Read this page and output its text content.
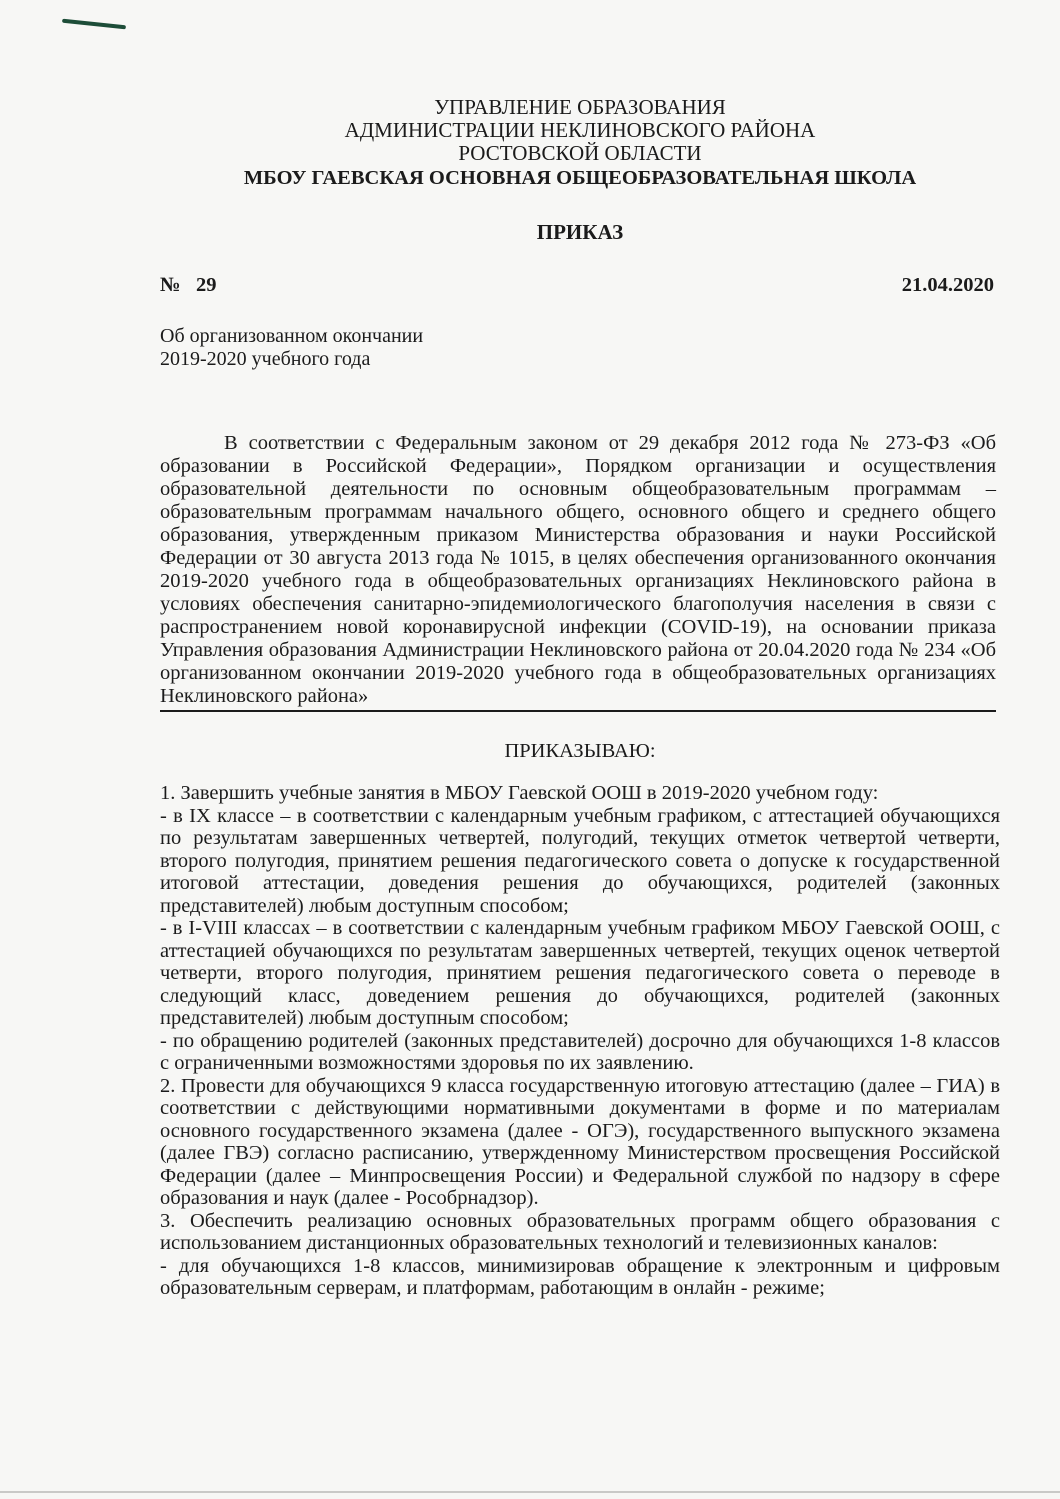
УПРАВЛЕНИЕ ОБРАЗОВАНИЯ
АДМИНИСТРАЦИИ НЕКЛИНОВСКОГО РАЙОНА
РОСТОВСКОЙ ОБЛАСТИ
МБОУ ГАЕВСКАЯ ОСНОВНАЯ ОБЩЕОБРАЗОВАТЕЛЬНАЯ ШКОЛА
ПРИКАЗ
№ 29	21.04.2020
Об организованном окончании
2019-2020 учебного года
В соответствии с Федеральным законом от 29 декабря 2012 года № 273-ФЗ «Об образовании в Российской Федерации», Порядком организации и осуществления образовательной деятельности по основным общеобразовательным программам – образовательным программам начального общего, основного общего и среднего общего образования, утвержденным приказом Министерства образования и науки Российской Федерации от 30 августа 2013 года № 1015, в целях обеспечения организованного окончания 2019-2020 учебного года в общеобразовательных организациях Неклиновского района в условиях обеспечения санитарно-эпидемиологического благополучия населения в связи с распространением новой коронавирусной инфекции (COVID-19), на основании приказа Управления образования Администрации Неклиновского района от 20.04.2020 года № 234 «Об организованном окончании 2019-2020 учебного года в общеобразовательных организациях Неклиновского района»
ПРИКАЗЫВАЮ:

1. Завершить учебные занятия в МБОУ Гаевской ООШ в 2019-2020 учебном году:

- в IX классе – в соответствии с календарным учебным графиком, с аттестацией обучающихся по результатам завершенных четвертей, полугодий, текущих отметок четвертой четверти, второго полугодия, принятием решения педагогического совета о допуске к государственной итоговой аттестации, доведения решения до обучающихся, родителей (законных представителей) любым доступным способом;

- в I-VIII классах – в соответствии с календарным учебным графиком МБОУ Гаевской ООШ, с аттестацией обучающихся по результатам завершенных четвертей, текущих оценок четвертой четверти, второго полугодия, принятием решения педагогического совета о переводе в следующий класс, доведением решения до обучающихся, родителей (законных представителей) любым доступным способом;

- по обращению родителей (законных представителей) досрочно для обучающихся 1-8 классов с ограниченными возможностями здоровья по их заявлению.

2. Провести для обучающихся 9 класса государственную итоговую аттестацию (далее – ГИА) в соответствии с действующими нормативными документами в форме и по материалам основного государственного экзамена (далее - ОГЭ), государственного выпускного экзамена (далее ГВЭ) согласно расписанию, утвержденному Министерством просвещения Российской Федерации (далее – Минпросвещения России) и Федеральной службой по надзору в сфере образования и наук (далее - Рособрнадзор).

3. Обеспечить реализацию основных образовательных программ общего образования с использованием дистанционных образовательных технологий и телевизионных каналов:

- для обучающихся 1-8 классов, минимизировав обращение к электронным и цифровым образовательным серверам, и платформам, работающим в онлайн - режиме;
